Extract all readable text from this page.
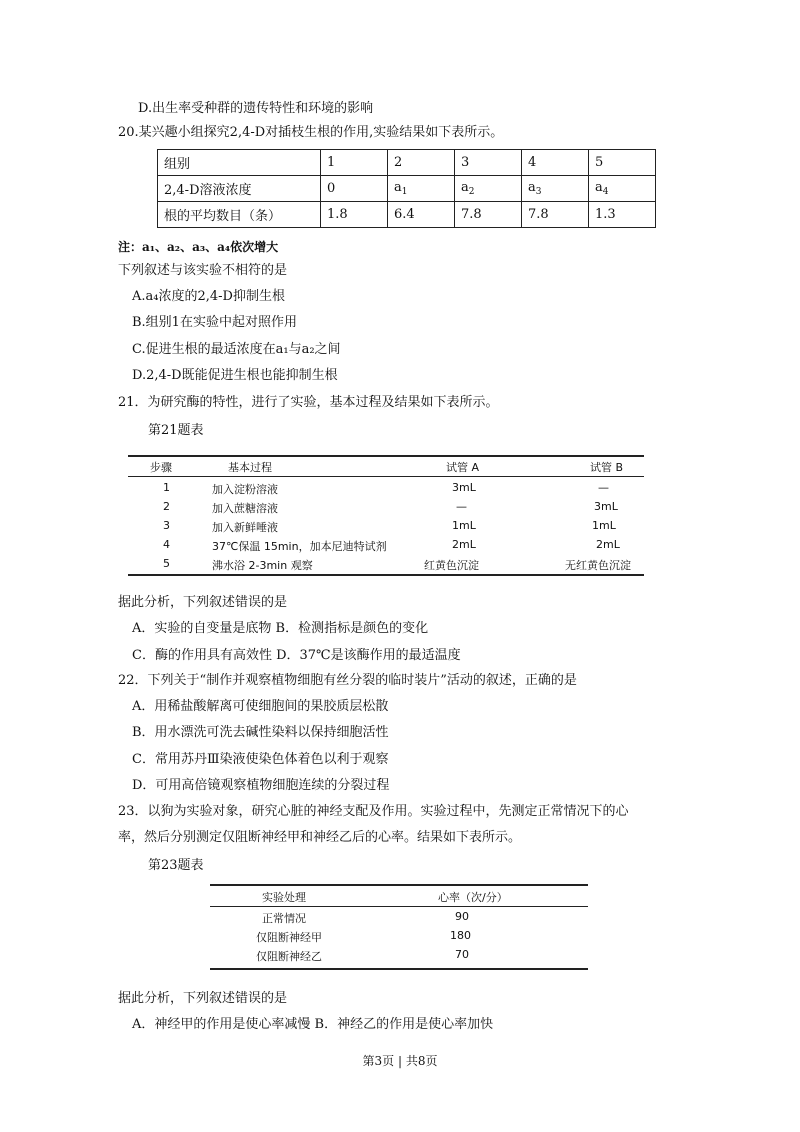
D.出生率受种群的遗传特性和环境的影响
20.某兴趣小组探究2,4-D对插枝生根的作用,实验结果如下表所示。
组别	1	2	3	4	5
2,4-D溶液浓度	0	$a_1$	$a_2$	$a_3$	$a_4$
根的平均数目（条）	1.8	6.4	7.8	7.8	1.3
注：a₁、a₂、a₃、a₄依次增大
下列叙述与该实验不相符的是
A.a₄浓度的2,4-D抑制生根
B.组别1在实验中起对照作用
C.促进生根的最适浓度在a₁与a₂之间
D.2,4-D既能促进生根也能抑制生根
21．为研究酶的特性，进行了实验，基本过程及结果如下表所示。
第21题表
步骤	基本过程	试管 A	试管 B
1	加入淀粉溶液	3mL	—
2	加入蔗糖溶液	—	3mL
3	加入新鲜唾液	1mL	1mL
4	37℃保温 15min，加本尼迪特试剂	2mL	2mL
5	沸水浴 2-3min 观察	红黄色沉淀	无红黄色沉淀
据此分析，下列叙述错误的是
A．实验的自变量是底物 B．检测指标是颜色的变化
C．酶的作用具有高效性 D．37℃是该酶作用的最适温度
22．下列关于“制作并观察植物细胞有丝分裂的临时装片”活动的叙述，正确的是
A．用稀盐酸解离可使细胞间的果胶质层松散
B．用水漂洗可洗去碱性染料以保持细胞活性
C．常用苏丹Ⅲ染液使染色体着色以利于观察
D．可用高倍镜观察植物细胞连续的分裂过程
23．以狗为实验对象，研究心脏的神经支配及作用。实验过程中，先测定正常情况下的心
率，然后分别测定仅阻断神经甲和神经乙后的心率。结果如下表所示。
第23题表
实验处理	心率（次/分）
正常情况	90
仅阻断神经甲	180
仅阻断神经乙	70
据此分析，下列叙述错误的是
A．神经甲的作用是使心率减慢 B．神经乙的作用是使心率加快
第3页 | 共8页
